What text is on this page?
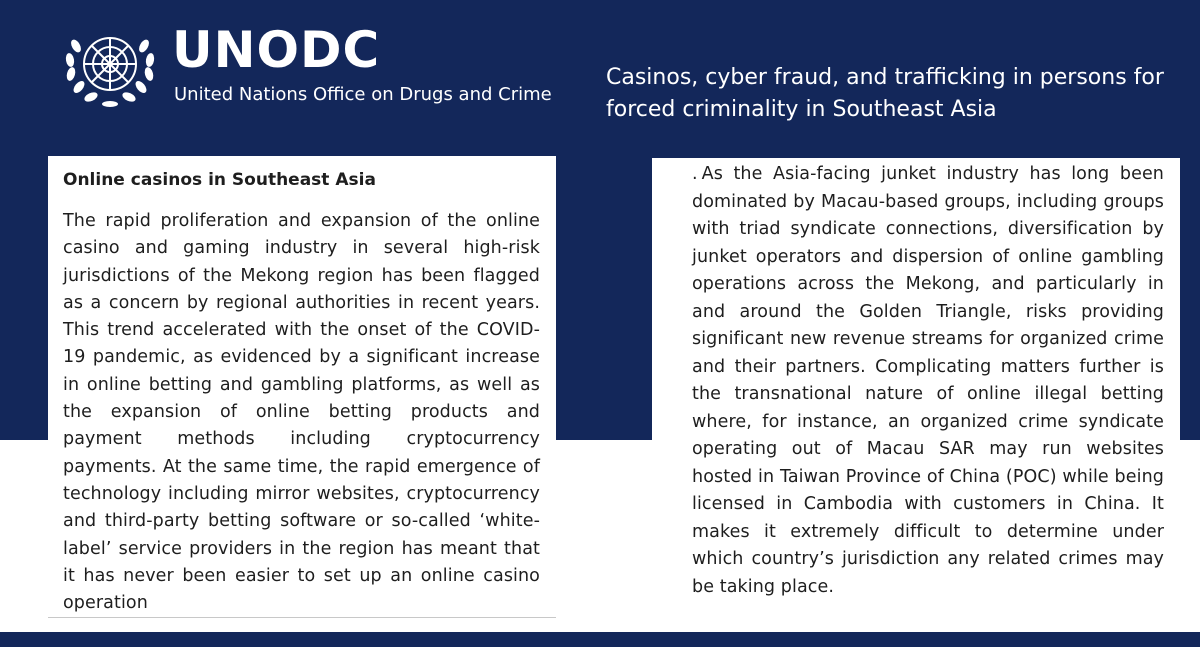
UNODC
United Nations Office on Drugs and Crime
Casinos, cyber fraud, and trafficking in persons for forced criminality in Southeast Asia
Online casinos in Southeast Asia

The rapid proliferation and expansion of the online casino and gaming industry in several high-risk jurisdictions of the Mekong region has been flagged as a concern by regional authorities in recent years. This trend accelerated with the onset of the COVID-19 pandemic, as evidenced by a significant increase in online betting and gambling platforms, as well as the expansion of online betting products and payment methods including cryptocurrency payments. At the same time, the rapid emergence of technology including mirror websites, cryptocurrency and third-party betting software or so-called ‘white-label’ service providers in the region has meant that it has never been easier to set up an online casino operation

. As the Asia-facing junket industry has long been dominated by Macau-based groups, including groups with triad syndicate connections, diversification by junket operators and dispersion of online gambling operations across the Mekong, and particularly in and around the Golden Triangle, risks providing significant new revenue streams for organized crime and their partners. Complicating matters further is the transnational nature of online illegal betting where, for instance, an organized crime syndicate operating out of Macau SAR may run websites hosted in Taiwan Province of China (POC) while being licensed in Cambodia with customers in China. It makes it extremely difficult to determine under which country’s jurisdiction any related crimes may be taking place.
